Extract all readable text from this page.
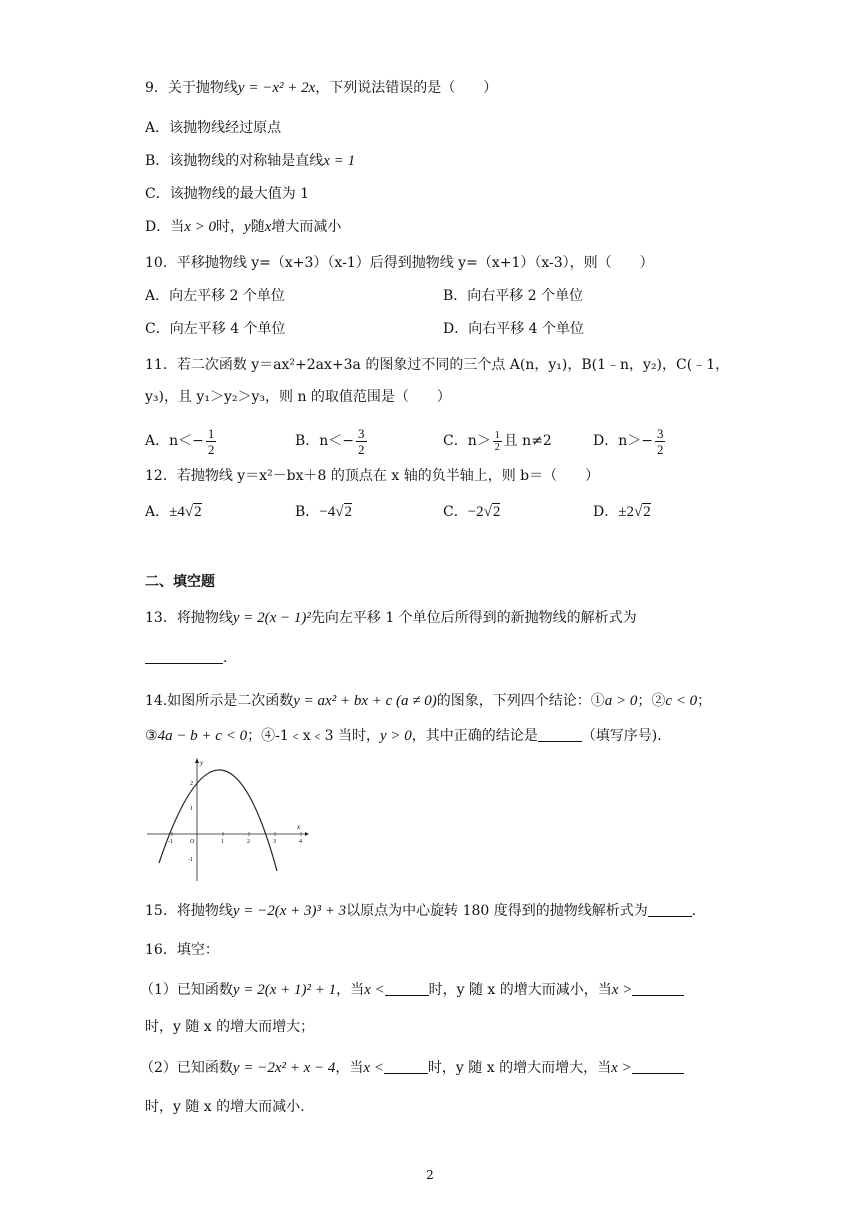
9．关于抛物线y = −x² + 2x，下列说法错误的是（　　）
A．该抛物线经过原点
B．该抛物线的对称轴是直线x = 1
C．该抛物线的最大值为 1
D．当x > 0时，y随x增大而减小
10．平移抛物线 y=（x+3）（x-1）后得到抛物线 y=（x+1）（x-3），则（　　）
A．向左平移 2 个单位	B．向右平移 2 个单位
C．向左平移 4 个单位	D．向右平移 4 个单位
11．若二次函数 y＝ax²+2ax+3a 的图象过不同的三个点 A(n，y₁)，B(1﹣n，y₂)，C(﹣1，
y₃)，且 y₁＞y₂＞y₃，则 n 的取值范围是（　　）
A．$n<- \frac{1}{2}$	B．$n<- \frac{3}{2}$	C．$n> \frac{1}{2}$ 且 n≠2	D．$n>- \frac{3}{2}$
12．若抛物线 y＝x²－bx＋8 的顶点在 x 轴的负半轴上，则 b＝（　　）
A．±4√2	B．−4√2	C．−2√2	D．±2√2
二、填空题
13．将抛物线y = 2(x − 1)²先向左平移 1 个单位后所得到的新抛物线的解析式为
.
14.如图所示是二次函数y = ax² + bx + c (a ≠ 0)的图象，下列四个结论：①a > 0；②c < 0；
③4a − b + c < 0；④-1﹤x﹤3 当时，y > 0，其中正确的结论是	（填写序号).
y
x
O
-1	1	2	3	4
2
1
-1
15．将抛物线y = −2(x + 3)³ + 3以原点为中心旋转 180 度得到的抛物线解析式为	.
16．填空：
（1）已知函数y = 2(x + 1)² + 1，当x <	时，y 随 x 的增大而减小，当x >
时，y 随 x 的增大而增大；
（2）已知函数y = −2x² + x − 4，当x <	时，y 随 x 的增大而增大，当x >
时，y 随 x 的增大而减小.
2
